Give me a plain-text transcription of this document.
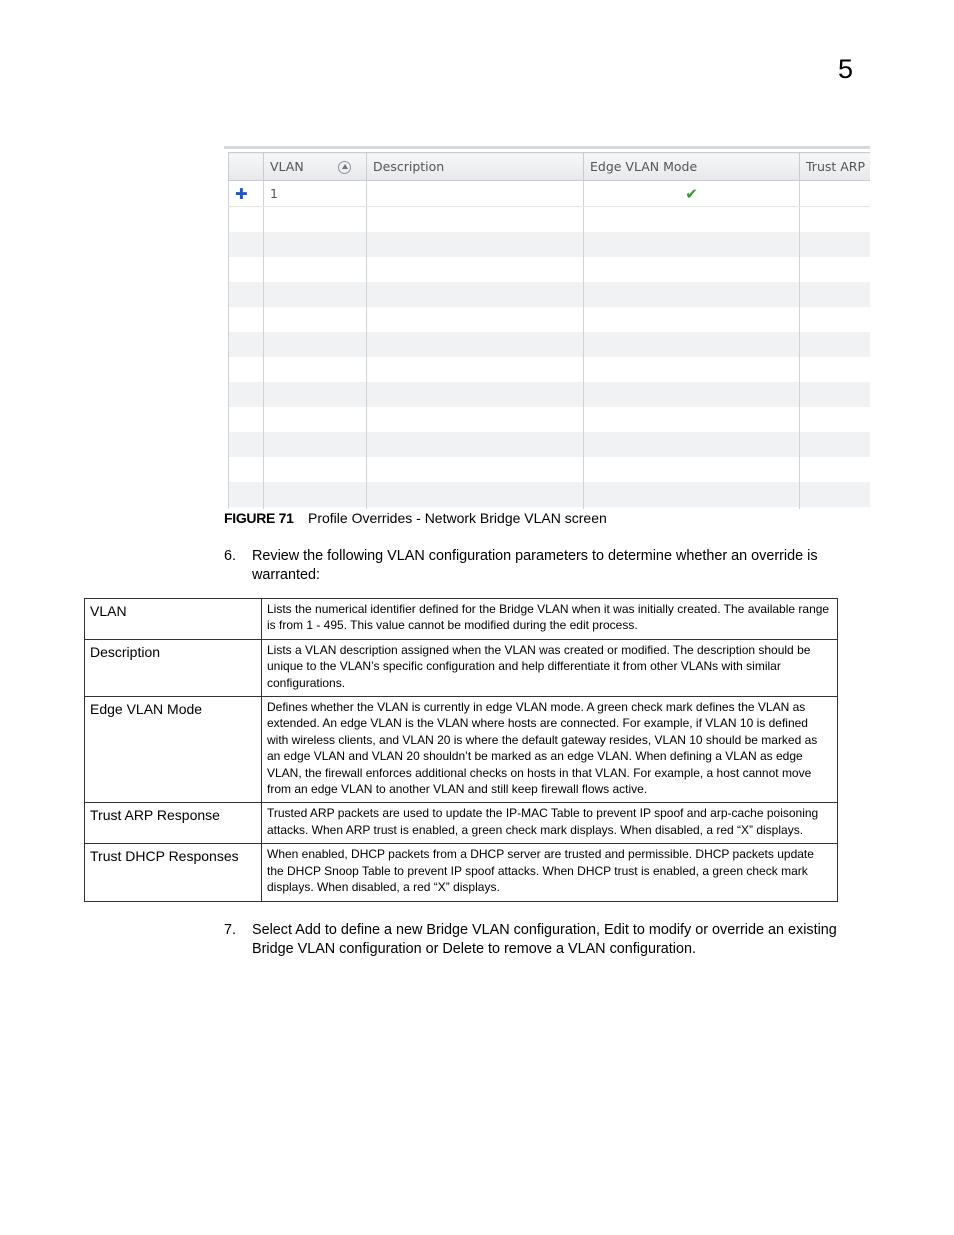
5
	VLAN	Description	Edge VLAN Mode	Trust ARP
✚	1		✔	

FIGURE 71 Profile Overrides - Network Bridge VLAN screen
6. Review the following VLAN configuration parameters to determine whether an override is warranted:
VLAN	Lists the numerical identifier defined for the Bridge VLAN when it was initially created. The available range is from 1 - 495. This value cannot be modified during the edit process.
Description	Lists a VLAN description assigned when the VLAN was created or modified. The description should be unique to the VLAN’s specific configuration and help differentiate it from other VLANs with similar configurations.
Edge VLAN Mode	Defines whether the VLAN is currently in edge VLAN mode. A green check mark defines the VLAN as extended. An edge VLAN is the VLAN where hosts are connected. For example, if VLAN 10 is defined with wireless clients, and VLAN 20 is where the default gateway resides, VLAN 10 should be marked as an edge VLAN and VLAN 20 shouldn’t be marked as an edge VLAN. When defining a VLAN as edge VLAN, the firewall enforces additional checks on hosts in that VLAN. For example, a host cannot move from an edge VLAN to another VLAN and still keep firewall flows active.
Trust ARP Response	Trusted ARP packets are used to update the IP-MAC Table to prevent IP spoof and arp-cache poisoning attacks. When ARP trust is enabled, a green check mark displays. When disabled, a red “X” displays.
Trust DHCP Responses	When enabled, DHCP packets from a DHCP server are trusted and permissible. DHCP packets update the DHCP Snoop Table to prevent IP spoof attacks. When DHCP trust is enabled, a green check mark displays. When disabled, a red “X” displays.
7. Select Add to define a new Bridge VLAN configuration, Edit to modify or override an existing Bridge VLAN configuration or Delete to remove a VLAN configuration.
